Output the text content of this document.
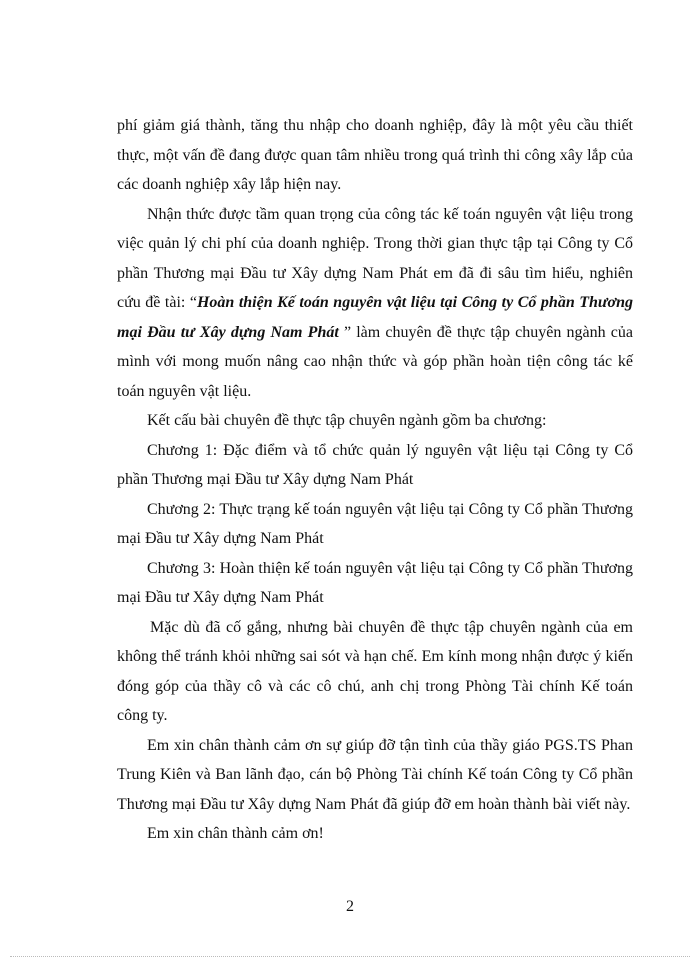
phí giảm giá thành, tăng thu nhập cho doanh nghiệp, đây là một yêu cầu thiết thực, một vấn đề đang được quan tâm nhiều trong quá trình thi công xây lắp của các doanh nghiệp xây lắp hiện nay.

Nhận thức được tầm quan trọng của công tác kế toán nguyên vật liệu trong việc quản lý chi phí của doanh nghiệp. Trong thời gian thực tập tại Công ty Cổ phần Thương mại Đầu tư Xây dựng Nam Phát em đã đi sâu tìm hiểu, nghiên cứu đề tài: “Hoàn thiện Kế toán nguyên vật liệu tại Công ty Cổ phần Thương mại Đầu tư Xây dựng Nam Phát ” làm chuyên đề thực tập chuyên ngành của mình với mong muốn nâng cao nhận thức và góp phần hoàn tiện công tác kế toán nguyên vật liệu.

Kết cấu bài chuyên đề thực tập chuyên ngành gồm ba chương:

Chương 1: Đặc điểm và tổ chức quản lý nguyên vật liệu tại Công ty Cổ phần Thương mại Đầu tư Xây dựng Nam Phát

Chương 2: Thực trạng kế toán nguyên vật liệu tại Công ty Cổ phần Thương mại Đầu tư Xây dựng Nam Phát

Chương 3: Hoàn thiện kế toán nguyên vật liệu tại Công ty Cổ phần Thương mại Đầu tư Xây dựng Nam Phát

Mặc dù đã cố gắng, nhưng bài chuyên đề thực tập chuyên ngành của em không thể tránh khỏi những sai sót và hạn chế. Em kính mong nhận được ý kiến đóng góp của thầy cô và các cô chú, anh chị trong Phòng Tài chính Kế toán công ty.

Em xin chân thành cảm ơn sự giúp đỡ tận tình của thầy giáo PGS.TS Phan Trung Kiên và Ban lãnh đạo, cán bộ Phòng Tài chính Kế toán Công ty Cổ phần Thương mại Đầu tư Xây dựng Nam Phát đã giúp đỡ em hoàn thành bài viết này.

Em xin chân thành cảm ơn!

2
